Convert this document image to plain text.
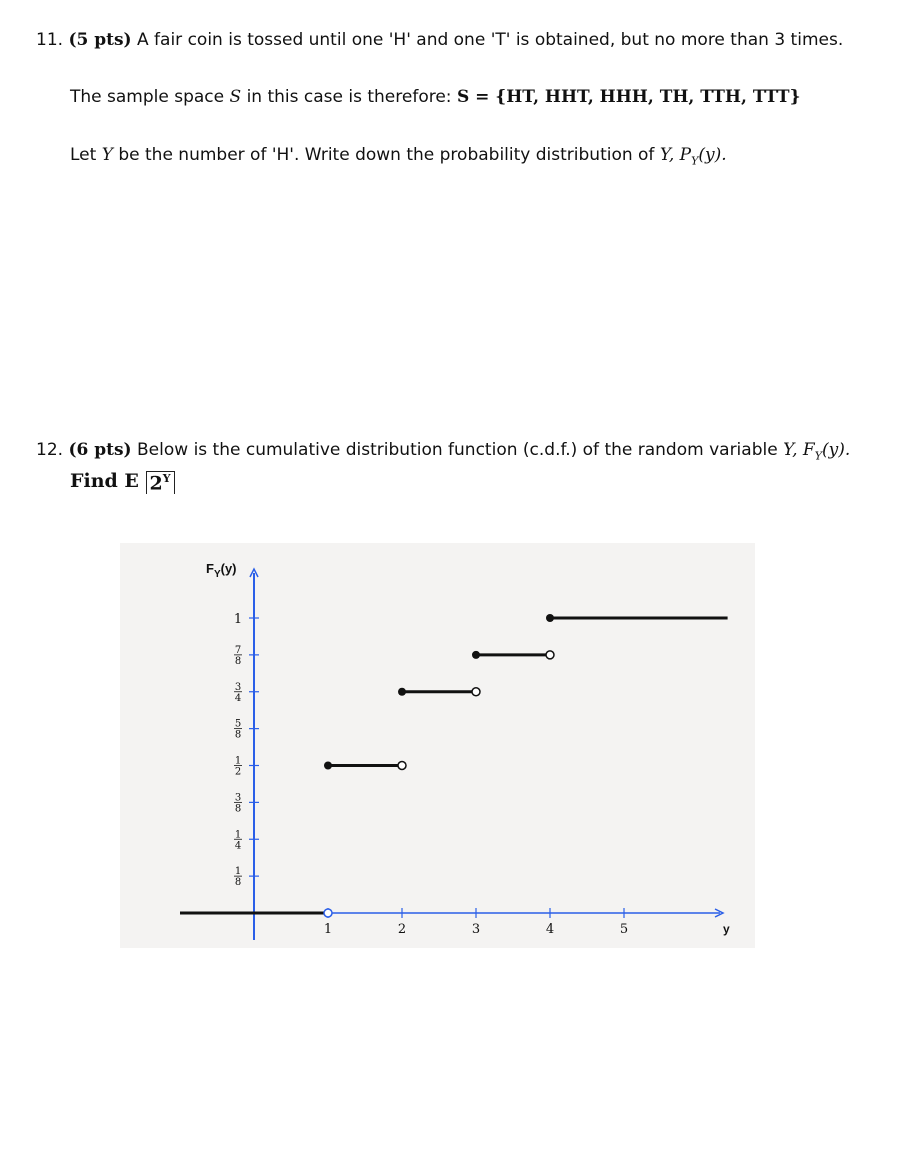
11. (5 pts) A fair coin is tossed until one 'H' and one 'T' is obtained, but no more than 3 times.
The sample space S in this case is therefore: S = {HT, HHT, HHH, TH, TTH, TTT}
Let Y be the number of 'H'. Write down the probability distribution of Y, $P_Y(y)$.
12. (6 pts) Below is the cumulative distribution function (c.d.f.) of the random variable Y, $F_Y(y)$.
Find E $2^Y$
$F_Y(y)$
1
8
1
4
3
8
1
2
5
8
3
4
7
8
1
1	2	3	4	5	y
